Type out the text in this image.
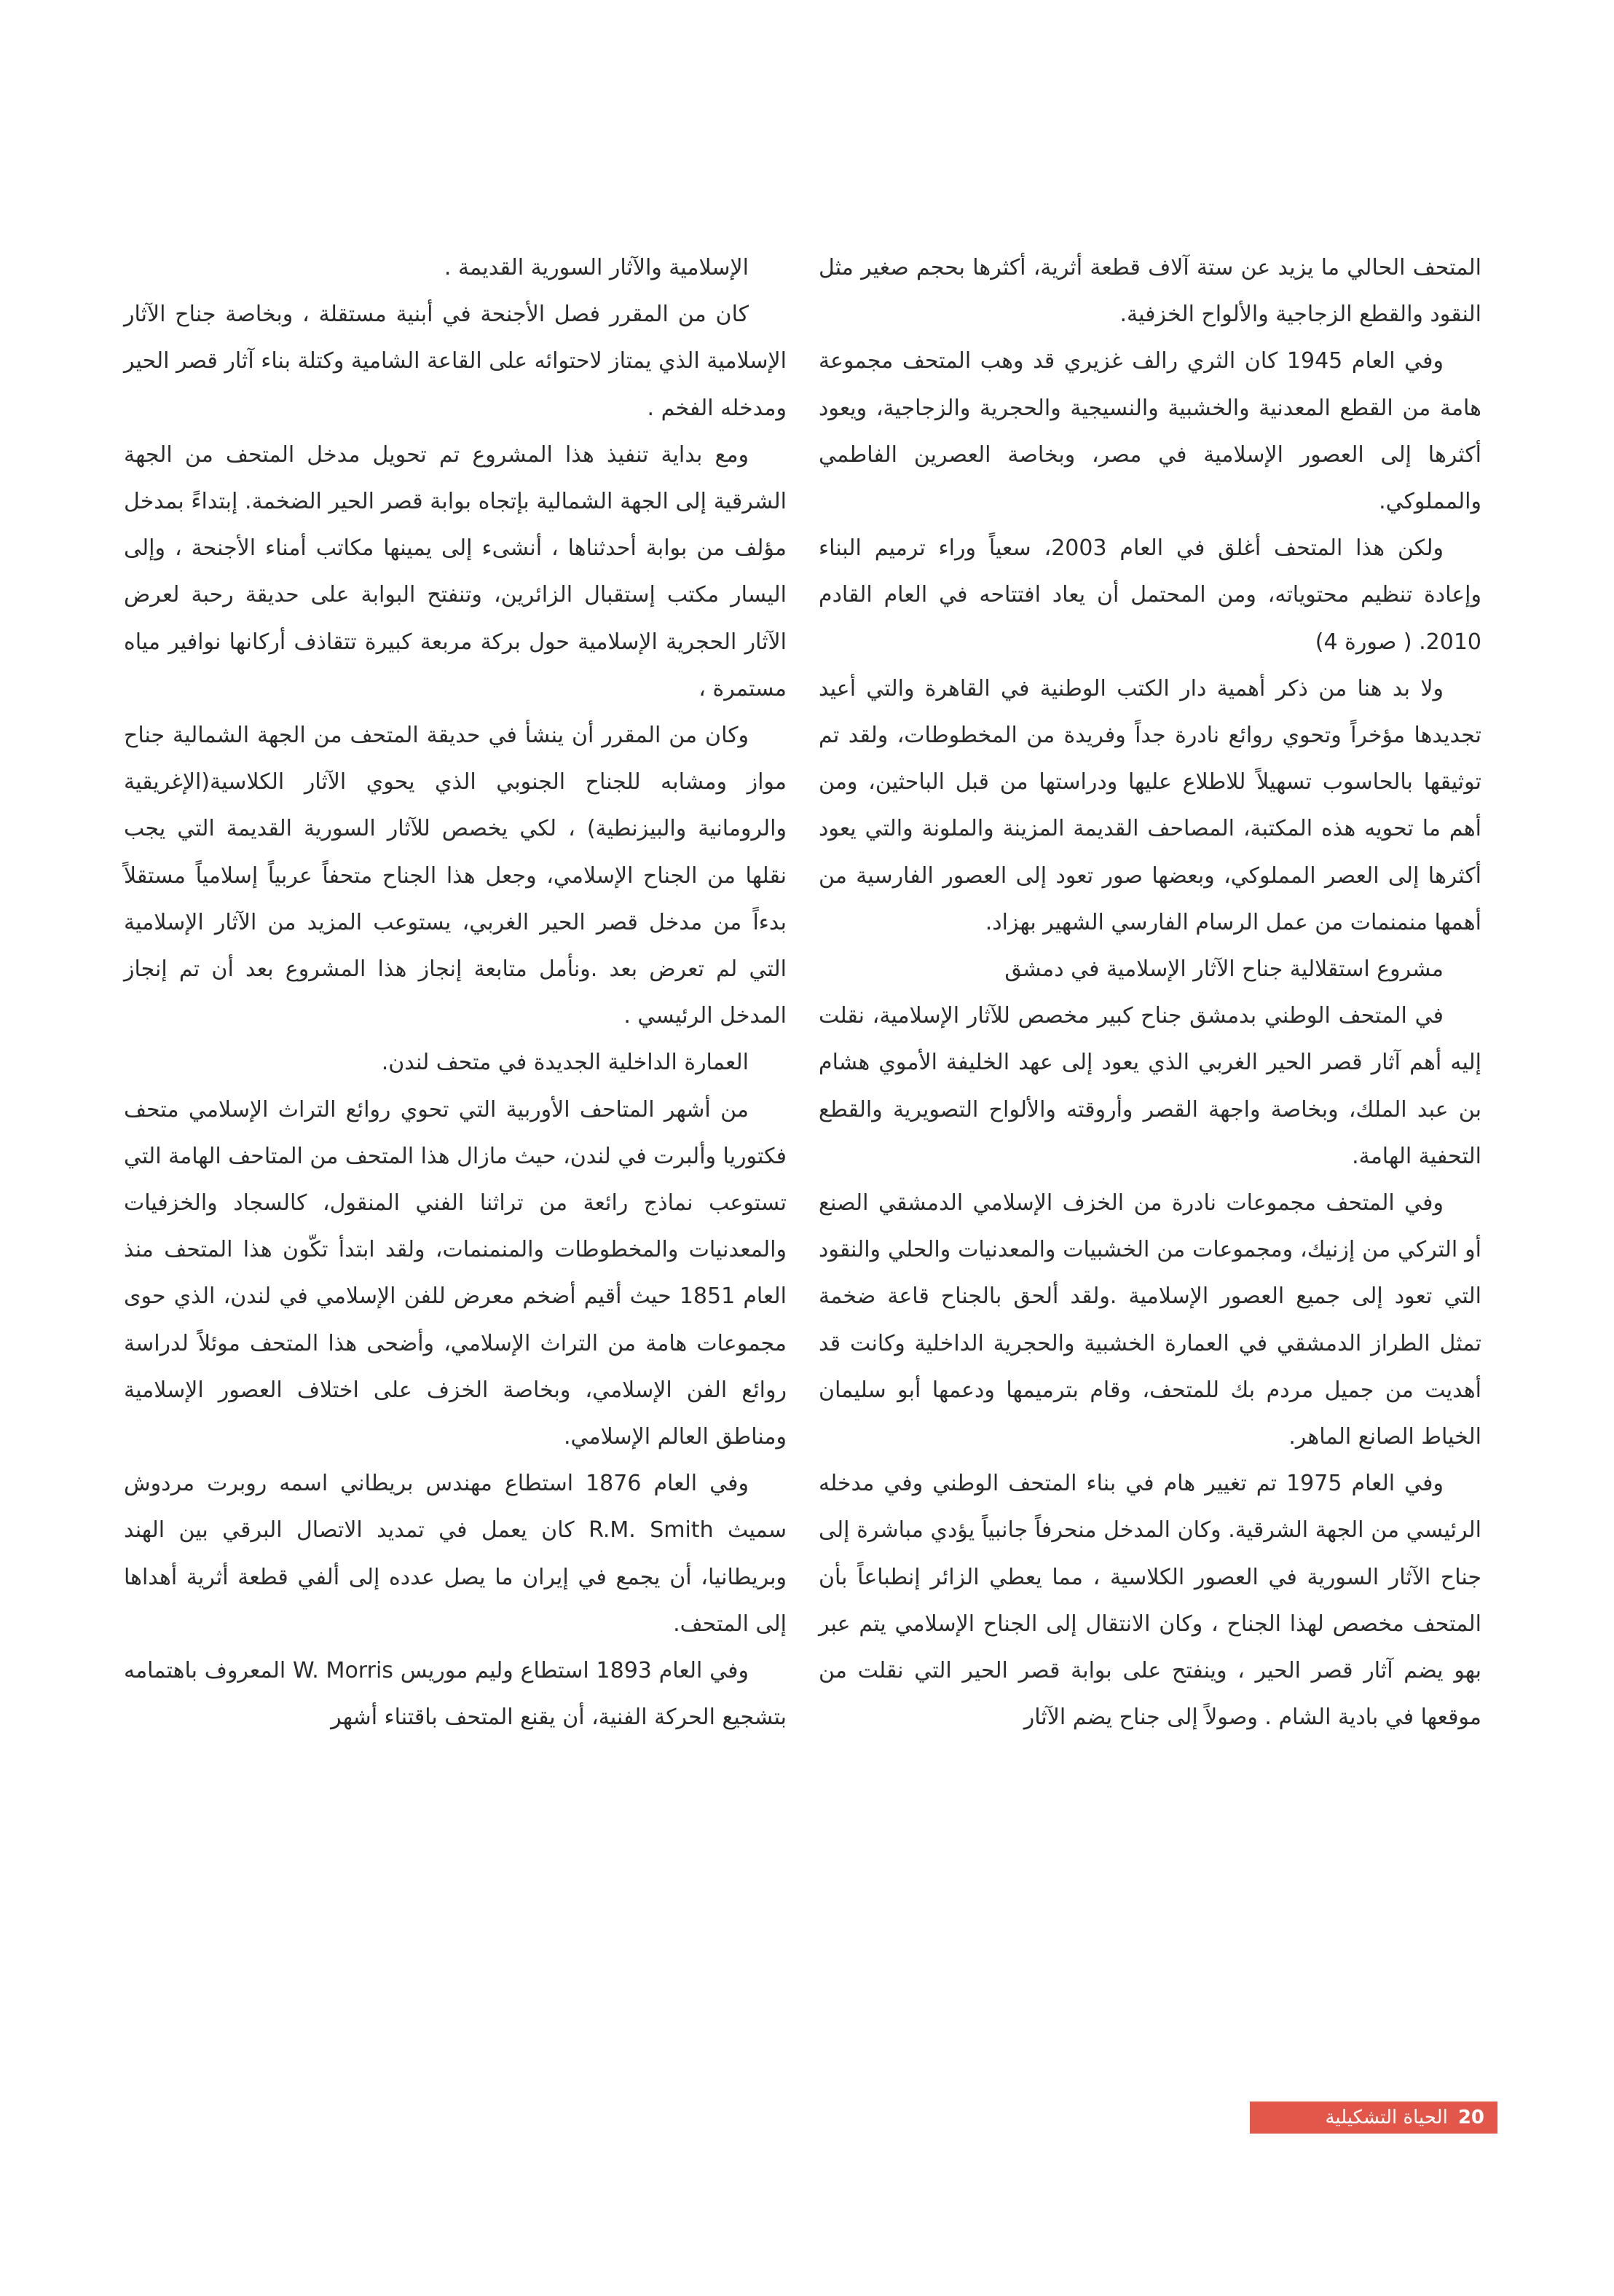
المتحف الحالي ما يزيد عن ستة آلاف قطعة أثرية، أكثرها بحجم صغير مثل النقود والقطع الزجاجية والألواح الخزفية.

وفي العام 1945 كان الثري رالف غزيري قد وهب المتحف مجموعة هامة من القطع المعدنية والخشبية والنسيجية والحجرية والزجاجية، ويعود أكثرها إلى العصور الإسلامية في مصر، وبخاصة العصرين الفاطمي والمملوكي.

ولكن هذا المتحف أغلق في العام 2003، سعياً وراء ترميم البناء وإعادة تنظيم محتوياته، ومن المحتمل أن يعاد افتتاحه في العام القادم 2010. ( صورة 4)

ولا بد هنا من ذكر أهمية دار الكتب الوطنية في القاهرة والتي أعيد تجديدها مؤخراً وتحوي روائع نادرة جداً وفريدة من المخطوطات، ولقد تم توثيقها بالحاسوب تسهيلاً للاطلاع عليها ودراستها من قبل الباحثين، ومن أهم ما تحويه هذه المكتبة، المصاحف القديمة المزينة والملونة والتي يعود أكثرها إلى العصر المملوكي، وبعضها صور تعود إلى العصور الفارسية من أهمها منمنمات من عمل الرسام الفارسي الشهير بهزاد.

مشروع استقلالية جناح الآثار الإسلامية في دمشق

في المتحف الوطني بدمشق جناح كبير مخصص للآثار الإسلامية، نقلت إليه أهم آثار قصر الحير الغربي الذي يعود إلى عهد الخليفة الأموي هشام بن عبد الملك، وبخاصة واجهة القصر وأروقته والألواح التصويرية والقطع التحفية الهامة.

وفي المتحف مجموعات نادرة من الخزف الإسلامي الدمشقي الصنع أو التركي من إزنيك، ومجموعات من الخشبيات والمعدنيات والحلي والنقود التي تعود إلى جميع العصور الإسلامية .ولقد ألحق بالجناح قاعة ضخمة تمثل الطراز الدمشقي في العمارة الخشبية والحجرية الداخلية وكانت قد أهديت من جميل مردم بك للمتحف، وقام بترميمها ودعمها أبو سليمان الخياط الصانع الماهر.

وفي العام 1975 تم تغيير هام في بناء المتحف الوطني وفي مدخله الرئيسي من الجهة الشرقية. وكان المدخل منحرفاً جانبياً يؤدي مباشرة إلى جناح الآثار السورية في العصور الكلاسية ، مما يعطي الزائر إنطباعاً بأن المتحف مخصص لهذا الجناح ، وكان الانتقال إلى الجناح الإسلامي يتم عبر بهو يضم آثار قصر الحير ، وينفتح على بوابة قصر الحير التي نقلت من موقعها في بادية الشام . وصولاً إلى جناح يضم الآثار

الإسلامية والآثار السورية القديمة .

كان من المقرر فصل الأجنحة في أبنية مستقلة ، وبخاصة جناح الآثار الإسلامية الذي يمتاز لاحتوائه على القاعة الشامية وكتلة بناء آثار قصر الحير ومدخله الفخم .

ومع بداية تنفيذ هذا المشروع تم تحويل مدخل المتحف من الجهة الشرقية إلى الجهة الشمالية بإتجاه بوابة قصر الحير الضخمة. إبتداءً بمدخل مؤلف من بوابة أحدثناها ، أنشىء إلى يمينها مكاتب أمناء الأجنحة ، وإلى اليسار مكتب إستقبال الزائرين، وتنفتح البوابة على حديقة رحبة لعرض الآثار الحجرية الإسلامية حول بركة مربعة كبيرة تتقاذف أركانها نوافير مياه مستمرة ،

وكان من المقرر أن ينشأ في حديقة المتحف من الجهة الشمالية جناح مواز ومشابه للجناح الجنوبي الذي يحوي الآثار الكلاسية(الإغريقية والرومانية والبيزنطية) ، لكي يخصص للآثار السورية القديمة التي يجب نقلها من الجناح الإسلامي، وجعل هذا الجناح متحفاً عربياً إسلامياً مستقلاً بدءاً من مدخل قصر الحير الغربي، يستوعب المزيد من الآثار الإسلامية التي لم تعرض بعد .ونأمل متابعة إنجاز هذا المشروع بعد أن تم إنجاز المدخل الرئيسي .

العمارة الداخلية الجديدة في متحف لندن.

من أشهر المتاحف الأوربية التي تحوي روائع التراث الإسلامي متحف فكتوريا وألبرت في لندن، حيث مازال هذا المتحف من المتاحف الهامة التي تستوعب نماذج رائعة من تراثنا الفني المنقول، كالسجاد والخزفيات والمعدنيات والمخطوطات والمنمنمات، ولقد ابتدأ تكّون هذا المتحف منذ العام 1851 حيث أقيم أضخم معرض للفن الإسلامي في لندن، الذي حوى مجموعات هامة من التراث الإسلامي، وأضحى هذا المتحف موئلاً لدراسة روائع الفن الإسلامي، وبخاصة الخزف على اختلاف العصور الإسلامية ومناطق العالم الإسلامي.

وفي العام 1876 استطاع مهندس بريطاني اسمه روبرت مردوش سميث R.M. Smith كان يعمل في تمديد الاتصال البرقي بين الهند وبريطانيا، أن يجمع في إيران ما يصل عدده إلى ألفي قطعة أثرية أهداها إلى المتحف.

وفي العام 1893 استطاع وليم موريس W. Morris المعروف باهتمامه بتشجيع الحركة الفنية، أن يقنع المتحف باقتناء أشهر

20
الحياة التشكيلية
